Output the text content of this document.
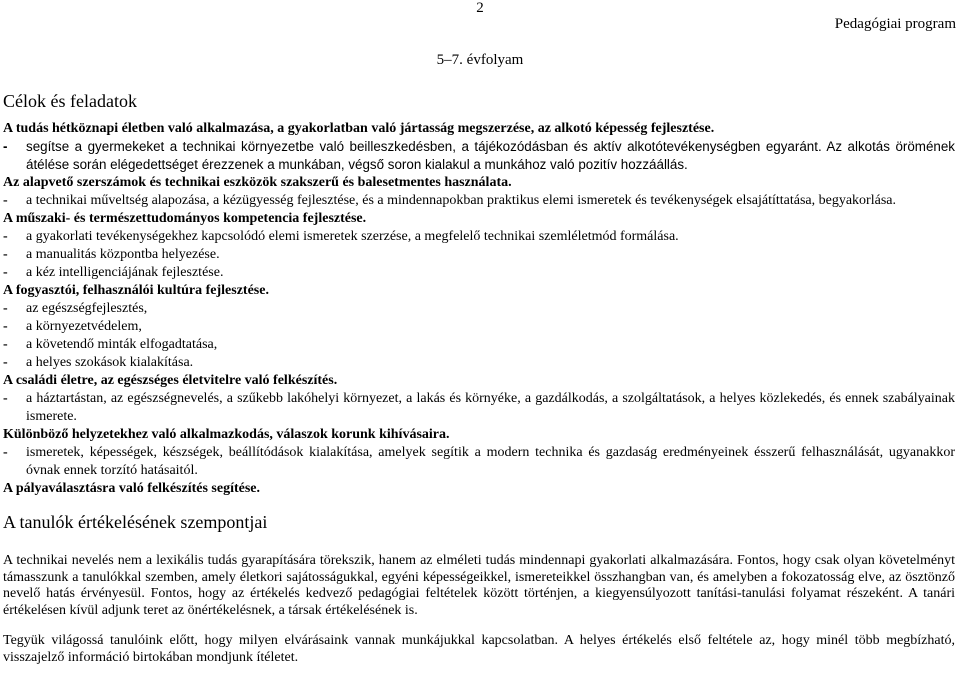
2
Pedagógiai program
5–7. évfolyam
Célok és feladatok

A tudás hétköznapi életben való alkalmazása, a gyakorlatban való jártasság megszerzése, az alkotó képesség fejlesztése.

- segítse a gyermekeket a technikai környezetbe való beilleszkedésben, a tájékozódásban és aktív alkotótevékenységben egyaránt. Az alkotás örömének átélése során elégedettséget érezzenek a munkában, végső soron kialakul a munkához való pozitív hozzáállás.

Az alapvető szerszámok és technikai eszközök szakszerű és balesetmentes használata.

- a technikai műveltség alapozása, a kézügyesség fejlesztése, és a mindennapokban praktikus elemi ismeretek és tevékenységek elsajátíttatása, begyakorlása.

A műszaki- és természettudományos kompetencia fejlesztése.

- a gyakorlati tevékenységekhez kapcsolódó elemi ismeretek szerzése, a megfelelő technikai szemléletmód formálása.
- a manualitás központba helyezése.
- a kéz intelligenciájának fejlesztése.

A fogyasztói, felhasználói kultúra fejlesztése.

- az egészségfejlesztés,
- a környezetvédelem,
- a követendő minták elfogadtatása,
- a helyes szokások kialakítása.

A családi életre, az egészséges életvitelre való felkészítés.

- a háztartástan, az egészségnevelés, a szűkebb lakóhelyi környezet, a lakás és környéke, a gazdálkodás, a szolgáltatások, a helyes közlekedés, és ennek szabályainak ismerete.

Különböző helyzetekhez való alkalmazkodás, válaszok korunk kihívásaira.

- ismeretek, képességek, készségek, beállítódások kialakítása, amelyek segítik a modern technika és gazdaság eredményeinek ésszerű felhasználását, ugyanakkor óvnak ennek torzító hatásaitól.

A pályaválasztásra való felkészítés segítése.

A tanulók értékelésének szempontjai

A technikai nevelés nem a lexikális tudás gyarapítására törekszik, hanem az elméleti tudás mindennapi gyakorlati alkalmazására. Fontos, hogy csak olyan követelményt támasszunk a tanulókkal szemben, amely életkori sajátosságukkal, egyéni képességeikkel, ismereteikkel összhangban van, és amelyben a fokozatosság elve, az ösztönző nevelő hatás érvényesül. Fontos, hogy az értékelés kedvező pedagógiai feltételek között történjen, a kiegyensúlyozott tanítási-tanulási folyamat részeként. A tanári értékelésen kívül adjunk teret az önértékelésnek, a társak értékelésének is.

Tegyük világossá tanulóink előtt, hogy milyen elvárásaink vannak munkájukkal kapcsolatban. A helyes értékelés első feltétele az, hogy minél több megbízható, visszajelző információ birtokában mondjunk ítéletet.
